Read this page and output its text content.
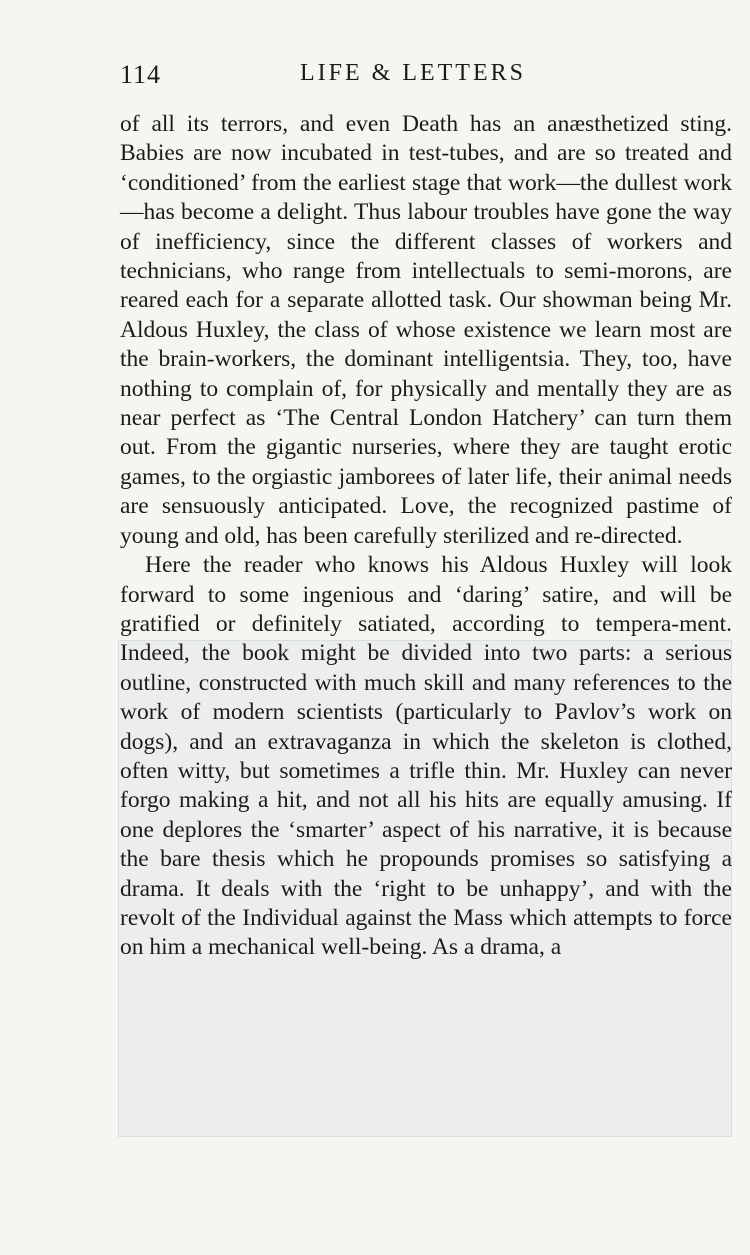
114	LIFE & LETTERS

of all its terrors, and even Death has an anæsthetized sting. Babies are now incubated in test-tubes, and are so treated and ‘conditioned’ from the earliest stage that work—the dullest work—has become a delight. Thus labour troubles have gone the way of inefficiency, since the different classes of workers and technicians, who range from intellectuals to semi-morons, are reared each for a separate allotted task. Our showman being Mr. Aldous Huxley, the class of whose existence we learn most are the brain-workers, the dominant intelligentsia. They, too, have nothing to complain of, for physically and mentally they are as near perfect as ‘The Central London Hatchery’ can turn them out. From the gigantic nurseries, where they are taught erotic games, to the orgiastic jamborees of later life, their animal needs are sensuously anticipated. Love, the recognized pastime of young and old, has been carefully sterilized and re-directed.

Here the reader who knows his Aldous Huxley will look forward to some ingenious and ‘daring’ satire, and will be gratified or definitely satiated, according to tempera-ment. Indeed, the book might be divided into two parts: a serious outline, constructed with much skill and many references to the work of modern scientists (particularly to Pavlov’s work on dogs), and an extravaganza in which the skeleton is clothed, often witty, but sometimes a trifle thin. Mr. Huxley can never forgo making a hit, and not all his hits are equally amusing. If one deplores the ‘smarter’ aspect of his narrative, it is because the bare thesis which he propounds promises so satisfying a drama. It deals with the ‘right to be unhappy’, and with the revolt of the Individual against the Mass which attempts to force on him a mechanical well-being. As a drama, a
